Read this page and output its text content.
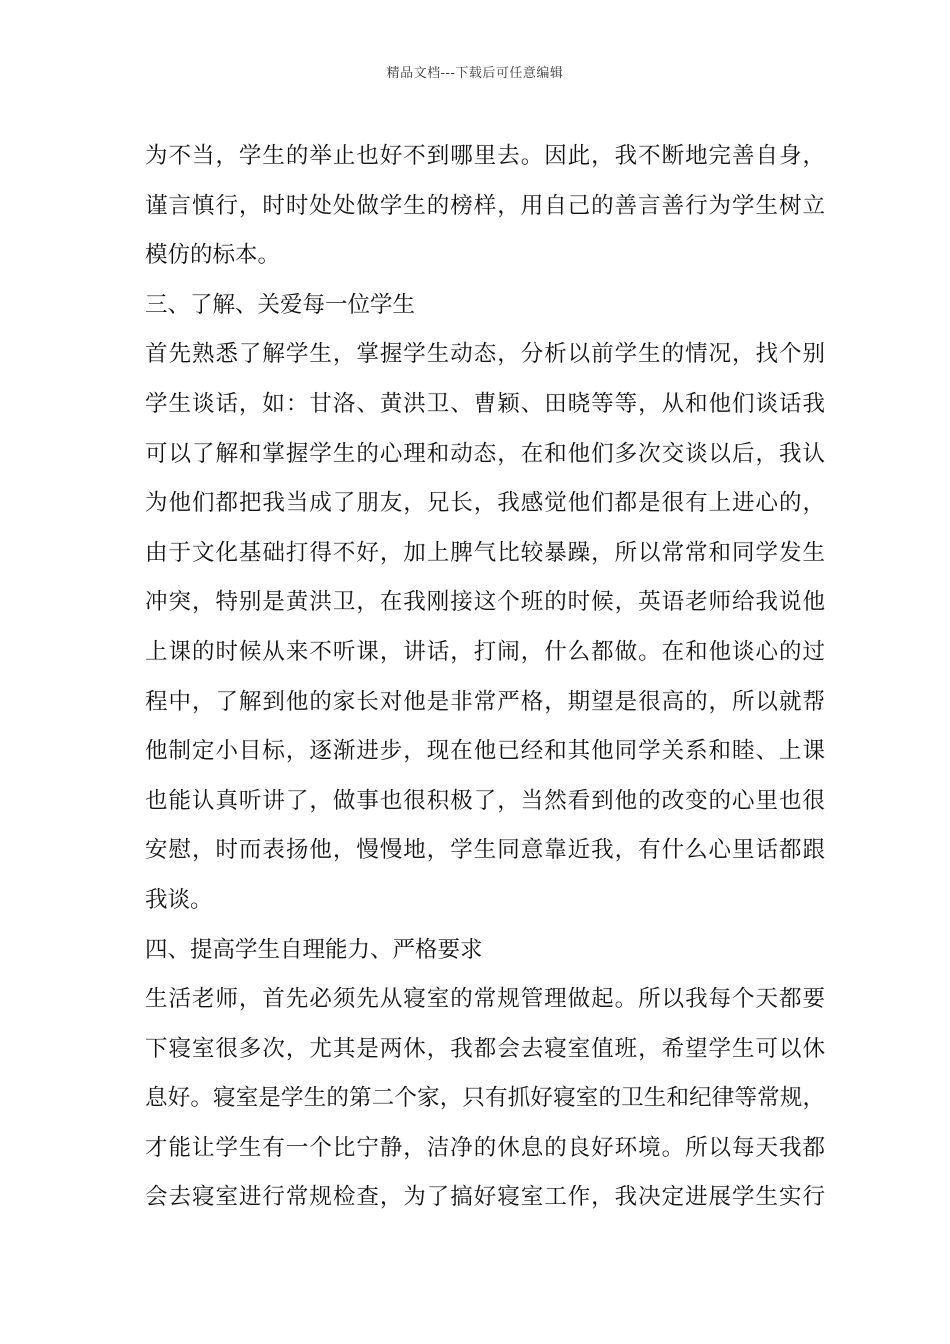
精品文档---下载后可任意编辑
为不当，学生的举止也好不到哪里去。因此，我不断地完善自身，
谨言慎行，时时处处做学生的榜样，用自己的善言善行为学生树立
模仿的标本。
三、了解、关爱每一位学生
首先熟悉了解学生，掌握学生动态，分析以前学生的情况，找个别
学生谈话，如：甘洛、黄洪卫、曹颖、田晓等等，从和他们谈话我
可以了解和掌握学生的心理和动态，在和他们多次交谈以后，我认
为他们都把我当成了朋友，兄长，我感觉他们都是很有上进心的，
由于文化基础打得不好，加上脾气比较暴躁，所以常常和同学发生
冲突，特别是黄洪卫，在我刚接这个班的时候，英语老师给我说他
上课的时候从来不听课，讲话，打闹，什么都做。在和他谈心的过
程中，了解到他的家长对他是非常严格，期望是很高的，所以就帮
他制定小目标，逐渐进步，现在他已经和其他同学关系和睦、上课
也能认真听讲了，做事也很积极了，当然看到他的改变的心里也很
安慰，时而表扬他，慢慢地，学生同意靠近我，有什么心里话都跟
我谈。
四、提高学生自理能力、严格要求
生活老师，首先必须先从寝室的常规管理做起。所以我每个天都要
下寝室很多次，尤其是两休，我都会去寝室值班，希望学生可以休
息好。寝室是学生的第二个家，只有抓好寝室的卫生和纪律等常规，
才能让学生有一个比宁静，洁净的休息的良好环境。所以每天我都
会去寝室进行常规检查，为了搞好寝室工作，我决定进展学生实行
